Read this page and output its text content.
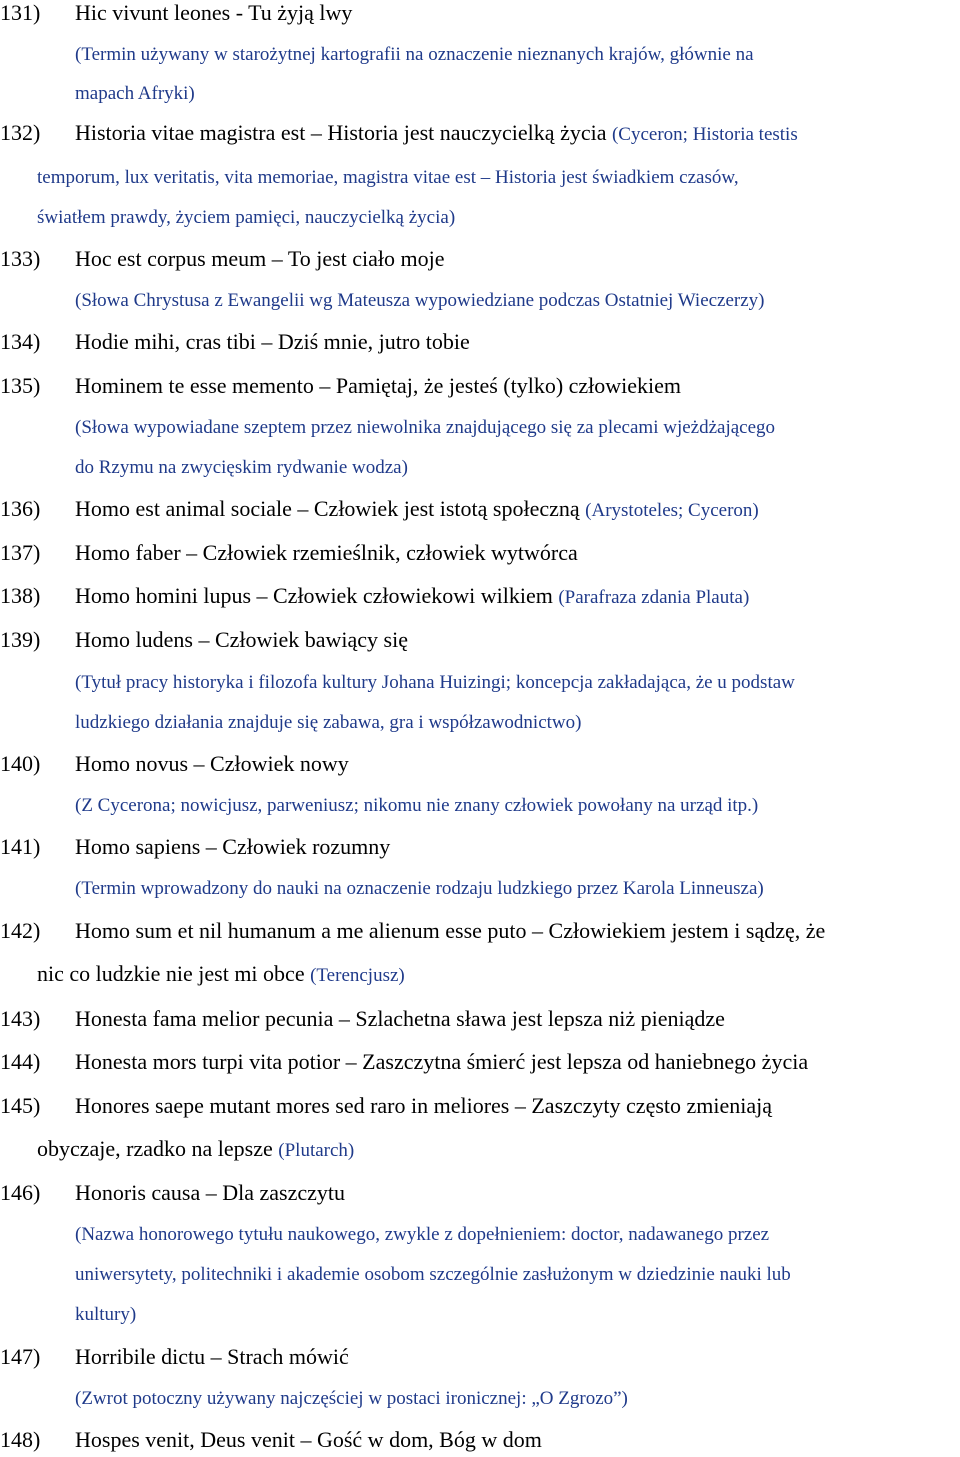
131) Hic vivunt leones - Tu żyją lwy
(Termin używany w starożytnej kartografii na oznaczenie nieznanych krajów, głównie na
mapach Afryki)
132) Historia vitae magistra est – Historia jest nauczycielką życia (Cyceron; Historia testis
temporum, lux veritatis, vita memoriae, magistra vitae est – Historia jest świadkiem czasów,
światłem prawdy, życiem pamięci, nauczycielką życia)
133) Hoc est corpus meum – To jest ciało moje
(Słowa Chrystusa z Ewangelii wg Mateusza wypowiedziane podczas Ostatniej Wieczerzy)
134) Hodie mihi, cras tibi – Dziś mnie, jutro tobie
135) Hominem te esse memento – Pamiętaj, że jesteś (tylko) człowiekiem
(Słowa wypowiadane szeptem przez niewolnika znajdującego się za plecami wjeżdżającego
do Rzymu na zwycięskim rydwanie wodza)
136) Homo est animal sociale – Człowiek jest istotą społeczną (Arystoteles; Cyceron)
137) Homo faber – Człowiek rzemieślnik, człowiek wytwórca
138) Homo homini lupus – Człowiek człowiekowi wilkiem (Parafraza zdania Plauta)
139) Homo ludens – Człowiek bawiący się
(Tytuł pracy historyka i filozofa kultury Johana Huizingi; koncepcja zakładająca, że u podstaw
ludzkiego działania znajduje się zabawa, gra i współzawodnictwo)
140) Homo novus – Człowiek nowy
(Z Cycerona; nowicjusz, parweniusz; nikomu nie znany człowiek powołany na urząd itp.)
141) Homo sapiens – Człowiek rozumny
(Termin wprowadzony do nauki na oznaczenie rodzaju ludzkiego przez Karola Linneusza)
142) Homo sum et nil humanum a me alienum esse puto – Człowiekiem jestem i sądzę, że
nic co ludzkie nie jest mi obce (Terencjusz)
143) Honesta fama melior pecunia – Szlachetna sława jest lepsza niż pieniądze
144) Honesta mors turpi vita potior – Zaszczytna śmierć jest lepsza od haniebnego życia
145) Honores saepe mutant mores sed raro in meliores – Zaszczyty często zmieniają
obyczaje, rzadko na lepsze (Plutarch)
146) Honoris causa – Dla zaszczytu
(Nazwa honorowego tytułu naukowego, zwykle z dopełnieniem: doctor, nadawanego przez
uniwersytety, politechniki i akademie osobom szczególnie zasłużonym w dziedzinie nauki lub
kultury)
147) Horribile dictu – Strach mówić
(Zwrot potoczny używany najczęściej w postaci ironicznej: „O Zgrozo”)
148) Hospes venit, Deus venit – Gość w dom, Bóg w dom
